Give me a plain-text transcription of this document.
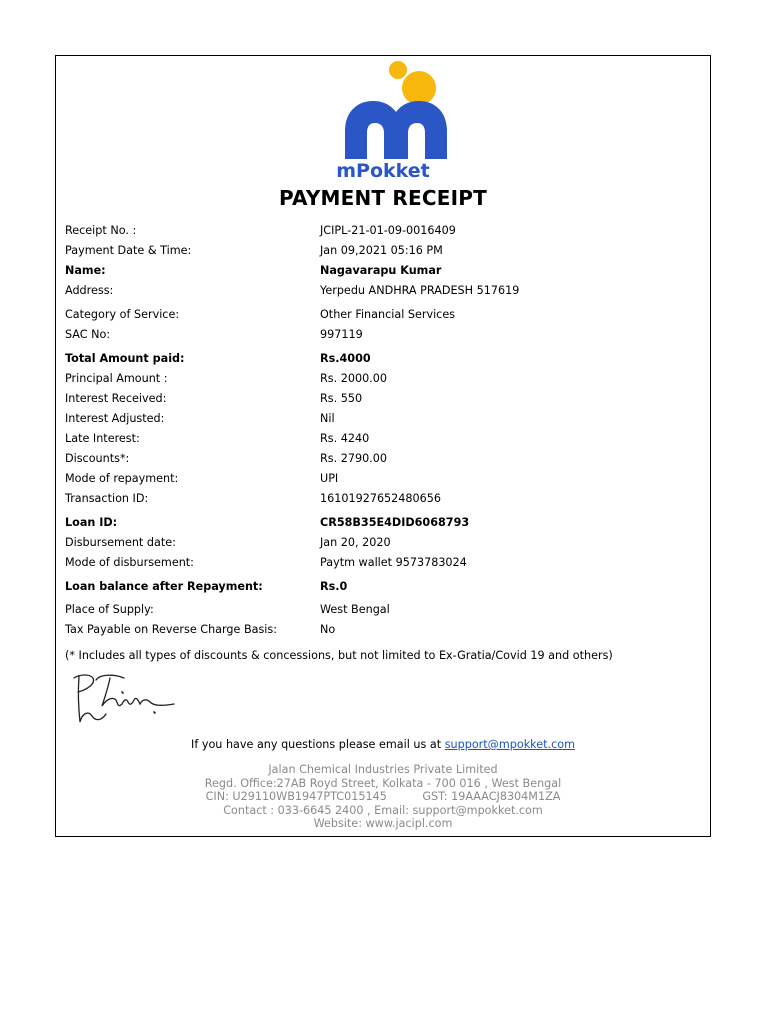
mPokket
PAYMENT RECEIPT
Receipt No. :	JCIPL-21-01-09-0016409
Payment Date & Time:	Jan 09,2021 05:16 PM
Name:	Nagavarapu Kumar
Address:	Yerpedu ANDHRA PRADESH 517619
Category of Service:	Other Financial Services
SAC No:	997119
Total Amount paid:	Rs.4000
Principal Amount :	Rs. 2000.00
Interest Received:	Rs. 550
Interest Adjusted:	Nil
Late Interest:	Rs. 4240
Discounts*:	Rs. 2790.00
Mode of repayment:	UPI
Transaction ID:	16101927652480656
Loan ID:	CR58B35E4DID6068793
Disbursement date:	Jan 20, 2020
Mode of disbursement:	Paytm wallet 9573783024
Loan balance after Repayment:	Rs.0
Place of Supply:	West Bengal
Tax Payable on Reverse Charge Basis:	No
(* Includes all types of discounts & concessions, but not limited to Ex-Gratia/Covid 19 and others)
If you have any questions please email us at support@mpokket.com
Jalan Chemical Industries Private Limited
Regd. Office:27AB Royd Street, Kolkata - 700 016 , West Bengal
CIN: U29110WB1947PTC015145          GST: 19AAACJ8304M1ZA
Contact : 033-6645 2400 , Email: support@mpokket.com
Website: www.jacipl.com
